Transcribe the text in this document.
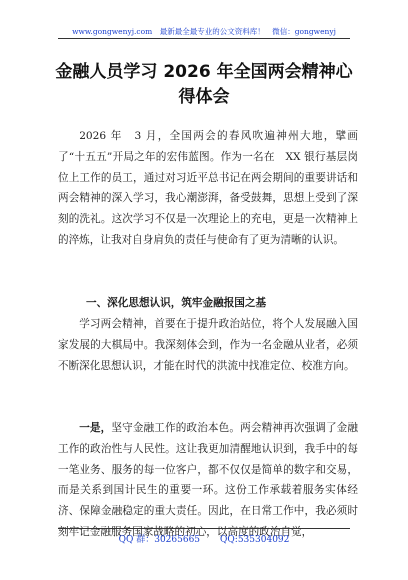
www.gongwenyj.com　最新最全最专业的公文资料库！　微信：gongwenyj
金融人员学习 2026 年全国两会精神心得体会

2026 年　3 月，全国两会的春风吹遍神州大地，擘画了“十五五”开局之年的宏伟蓝图。作为一名在　XX 银行基层岗位上工作的员工，通过对习近平总书记在两会期间的重要讲话和两会精神的深入学习，我心潮澎湃，备受鼓舞，思想上受到了深刻的洗礼。这次学习不仅是一次理论上的充电，更是一次精神上的淬炼，让我对自身肩负的责任与使命有了更为清晰的认识。

一、深化思想认识，筑牢金融报国之基

学习两会精神，首要在于提升政治站位，将个人发展融入国家发展的大棋局中。我深刻体会到，作为一名金融从业者，必须不断深化思想认识，才能在时代的洪流中找准定位、校准方向。

一是，坚守金融工作的政治本色。两会精神再次强调了金融工作的政治性与人民性。这让我更加清醒地认识到，我手中的每一笔业务、服务的每一位客户，都不仅仅是简单的数字和交易，而是关系到国计民生的重要一环。这份工作承载着服务实体经济、保障金融稳定的重大责任。因此，在日常工作中，我必须时刻牢记金融服务国家战略的初心，以高度的政治自觉，

QQ 群：30265665 QQ:535304092
